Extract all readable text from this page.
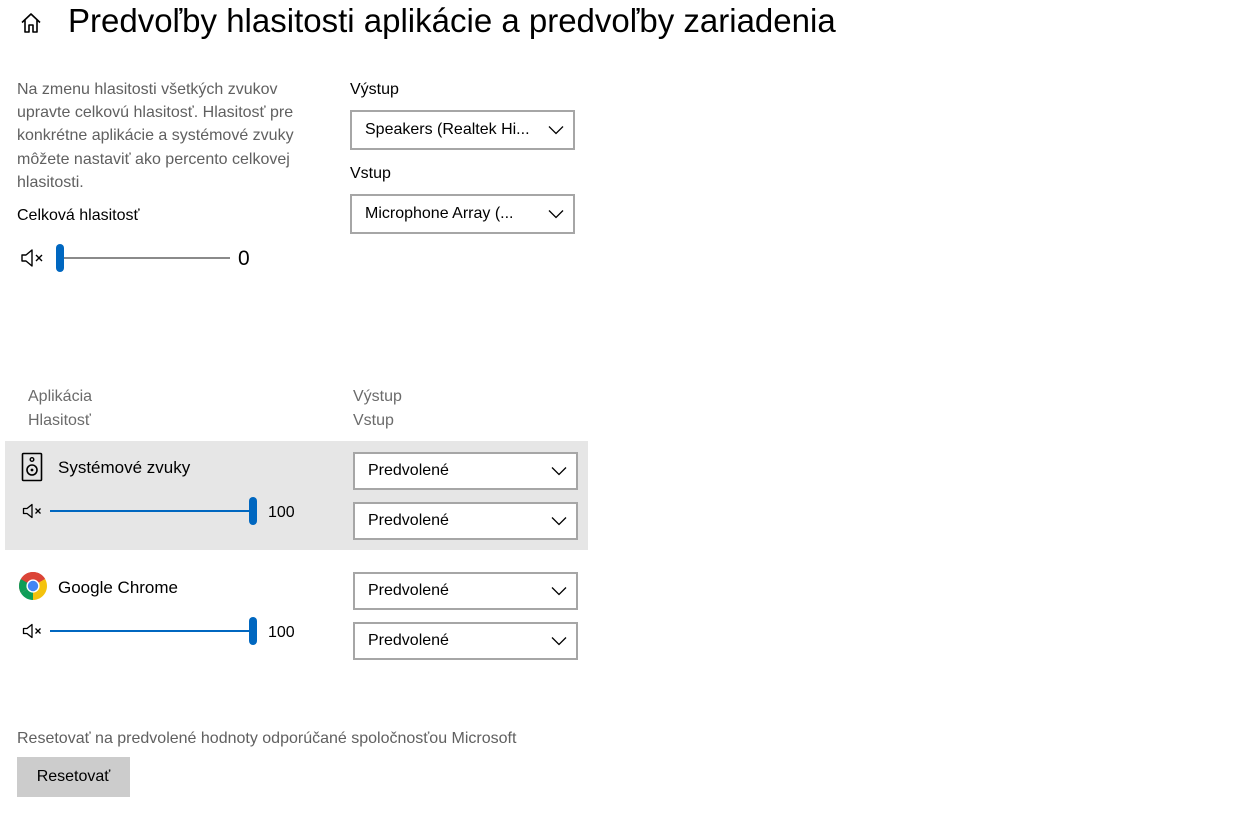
Predvoľby hlasitosti aplikácie a predvoľby zariadenia
Na zmenu hlasitosti všetkých zvukov upravte celkovú hlasitosť. Hlasitosť pre konkrétne aplikácie a systémové zvuky môžete nastaviť ako percento celkovej hlasitosti.
Celková hlasitosť
0
Výstup
Speakers (Realtek Hi...
Vstup
Microphone Array (...
Aplikácia
Hlasitosť
Výstup
Vstup
Systémové zvuky
100
Predvolené
Predvolené
Google Chrome
100
Predvolené
Predvolené
Resetovať na predvolené hodnoty odporúčané spoločnosťou Microsoft
Resetovať
